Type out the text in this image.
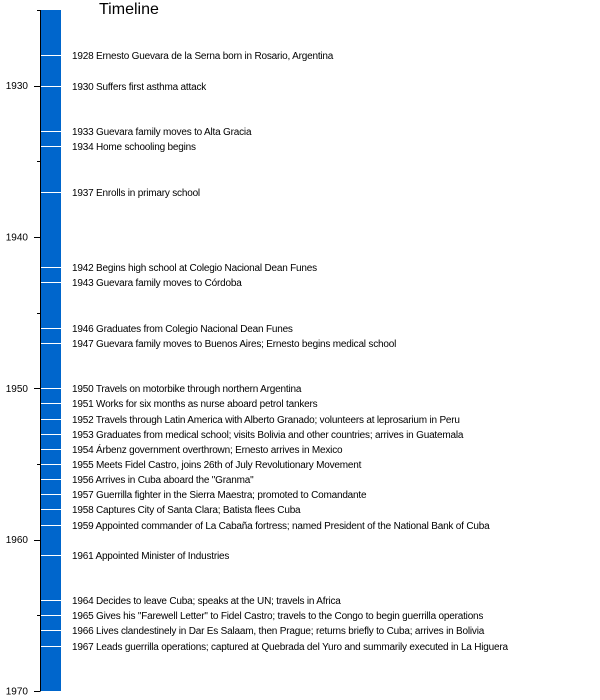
Timeline
1930
1940
1950
1960
1970
1928 Ernesto Guevara de la Serna born in Rosario, Argentina
1930 Suffers first asthma attack
1933 Guevara family moves to Alta Gracia
1934 Home schooling begins
1937 Enrolls in primary school
1942 Begins high school at Colegio Nacional Dean Funes
1943 Guevara family moves to Córdoba
1946 Graduates from Colegio Nacional Dean Funes
1947 Guevara family moves to Buenos Aires; Ernesto begins medical school
1950 Travels on motorbike through northern Argentina
1951 Works for six months as nurse aboard petrol tankers
1952 Travels through Latin America with Alberto Granado; volunteers at leprosarium in Peru
1953 Graduates from medical school; visits Bolivia and other countries; arrives in Guatemala
1954 Árbenz government overthrown; Ernesto arrives in Mexico
1955 Meets Fidel Castro, joins 26th of July Revolutionary Movement
1956 Arrives in Cuba aboard the "Granma"
1957 Guerrilla fighter in the Sierra Maestra; promoted to Comandante
1958 Captures City of Santa Clara; Batista flees Cuba
1959 Appointed commander of La Cabaña fortress; named President of the National Bank of Cuba
1961 Appointed Minister of Industries
1964 Decides to leave Cuba; speaks at the UN; travels in Africa
1965 Gives his "Farewell Letter" to Fidel Castro; travels to the Congo to begin guerrilla operations
1966 Lives clandestinely in Dar Es Salaam, then Prague; returns briefly to Cuba; arrives in Bolivia
1967 Leads guerrilla operations; captured at Quebrada del Yuro and summarily executed in La Higuera
